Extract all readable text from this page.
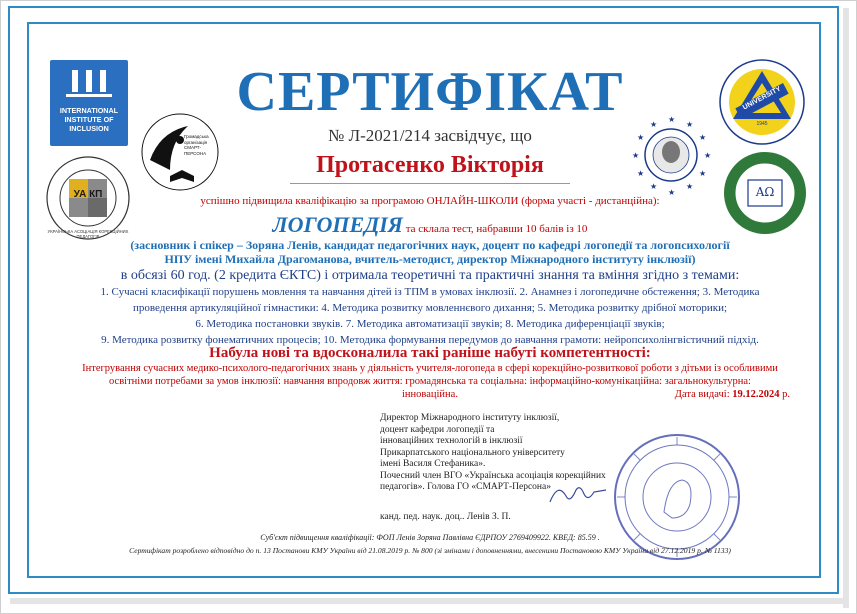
INTERNATIONAL INSTITUTE OF INCLUSION
УА КП
УКРАЇНСЬКА АСОЦІАЦІЯ КОРЕКЦІЙНИХ ПЕДАГОГІВ
Громадська організація СМАРТ-ПЕРСОНА
★
★
★
★
★
★
★
★
★
★
★
★
UNIVERSITY
1945
ΑΩ
СЕРТИФІКАТ
№ Л-2021/214 засвідчує, що
Протасенко Вікторія
успішно підвищила кваліфікацію за програмою ОНЛАЙН-ШКОЛИ (форма участі - дистанційна):
ЛОГОПЕДІЯ та склала тест, набравши 10 балів із 10
(засновник і спікер – Зоряна Ленів, кандидат педагогічних наук, доцент по кафедрі логопедії та логопсихології
НПУ імені Михайла Драгоманова, вчитель-методист, директор Міжнародного інституту інклюзії)
в обсязі 60 год. (2 кредита ЄКТС) і отримала теоретичні та практичні знання та вміння згідно з темами:
1. Сучасні класифікації порушень мовлення та навчання дітей із ТПМ в умовах інклюзії. 2. Анамнез і логопедичне обстеження; 3. Методика
проведення артикуляційної гімнастики: 4. Методика розвитку мовленнєвого дихання; 5. Методика розвитку дрібної моторики;
6. Методика постановки звуків. 7. Методика автоматизації звуків; 8. Методика диференціації звуків;
9. Методика розвитку фонематичних процесів; 10. Методика формування передумов до навчання грамоти: нейропсихолінгвістичний підхід.
Набула нові та вдосконалила такі раніше набуті компетентності:
Інтегрування сучасних медико-психолого-педагогічних знань у діяльність учителя-логопеда в сфері корекційно-розвиткової роботи з дітьми із особливими
освітніми потребами за умов інклюзії: навчання впродовж життя: громадянська та соціальна: інформаційно-комунікаційна: загальнокультурна: інноваційна.	Дата видачі: 19.12.2024 р.
Директор Міжнародного інституту інклюзії,
доцент кафедри логопедії та
інноваційних технологій в інклюзії
Прикарпатського національного університету
імені Василя Стефаника».
Почесний член ВГО «Українська асоціація корекційних
педагогів». Голова ГО «СМАРТ-Персона»
канд. пед. наук. доц.. Ленів З. П.
Суб'єкт підвищення кваліфікації: ФОП Ленів Зоряна Павлівна ЄДРПОУ 2769409922. КВЕД: 85.59 .
Сертифікат розроблено відповідно до п. 13 Постанови КМУ України від 21.08.2019 р. № 800 (зі змінами і доповненнями, внесеними Постановою КМУ України від 27.12.2019 р. № 1133)
